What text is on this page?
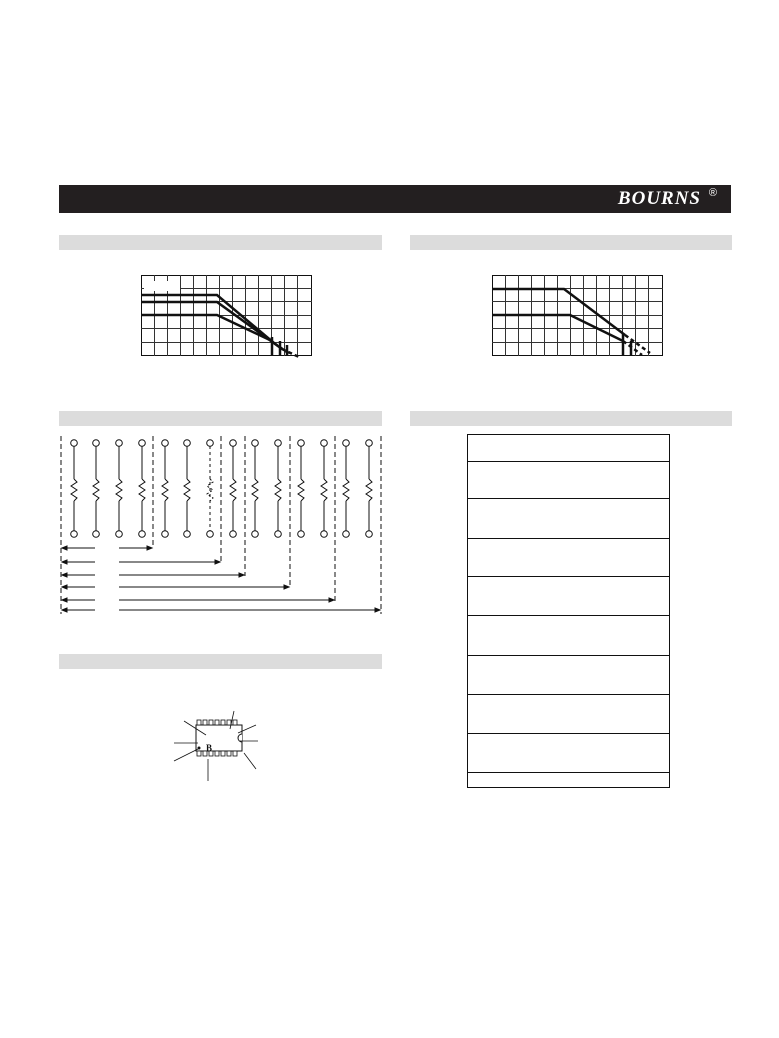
BOURNS ®
B
